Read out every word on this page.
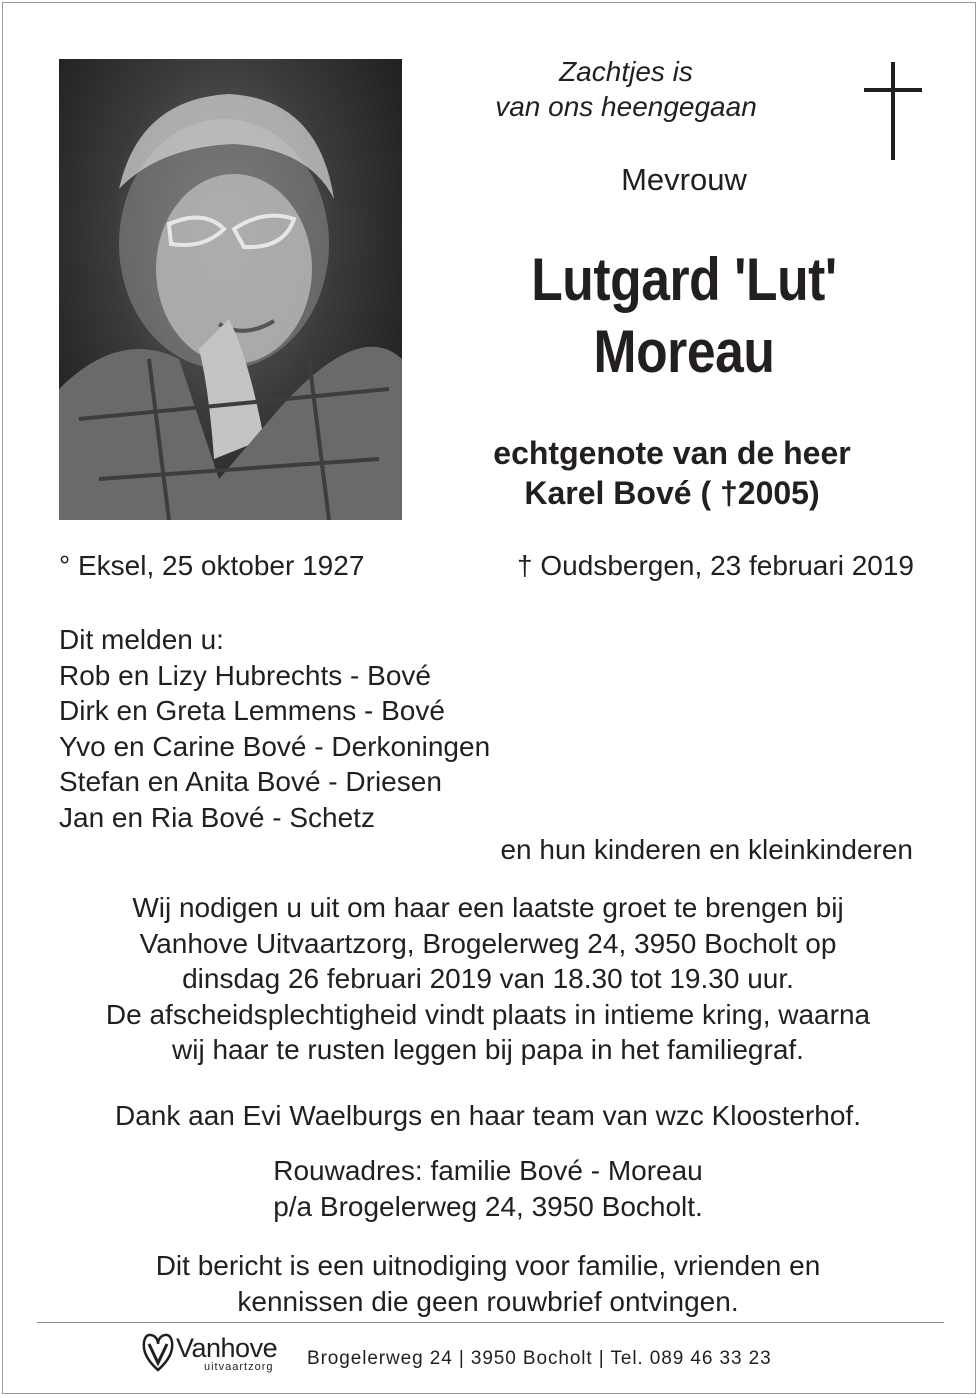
Zachtjes is
van ons heengegaan
Mevrouw
Lutgard 'Lut'
Moreau
echtgenote van de heer
Karel Bové ( †2005)
° Eksel, 25 oktober 1927	† Oudsbergen, 23 februari 2019
Dit melden u:
Rob en Lizy Hubrechts - Bové
Dirk en Greta Lemmens - Bové
Yvo en Carine Bové - Derkoningen
Stefan en Anita Bové - Driesen
Jan en Ria Bové - Schetz
en hun kinderen en kleinkinderen
Wij nodigen u uit om haar een laatste groet te brengen bij
Vanhove Uitvaartzorg, Brogelerweg 24, 3950 Bocholt op
dinsdag 26 februari 2019 van 18.30 tot 19.30 uur.
De afscheidsplechtigheid vindt plaats in intieme kring, waarna
wij haar te rusten leggen bij papa in het familiegraf.
Dank aan Evi Waelburgs en haar team van wzc Kloosterhof.
Rouwadres: familie Bové - Moreau
p/a Brogelerweg 24, 3950 Bocholt.
Dit bericht is een uitnodiging voor familie, vrienden en
kennissen die geen rouwbrief ontvingen.
Vanhove
uitvaartzorg Brogelerweg 24 | 3950 Bocholt | Tel. 089 46 33 23
